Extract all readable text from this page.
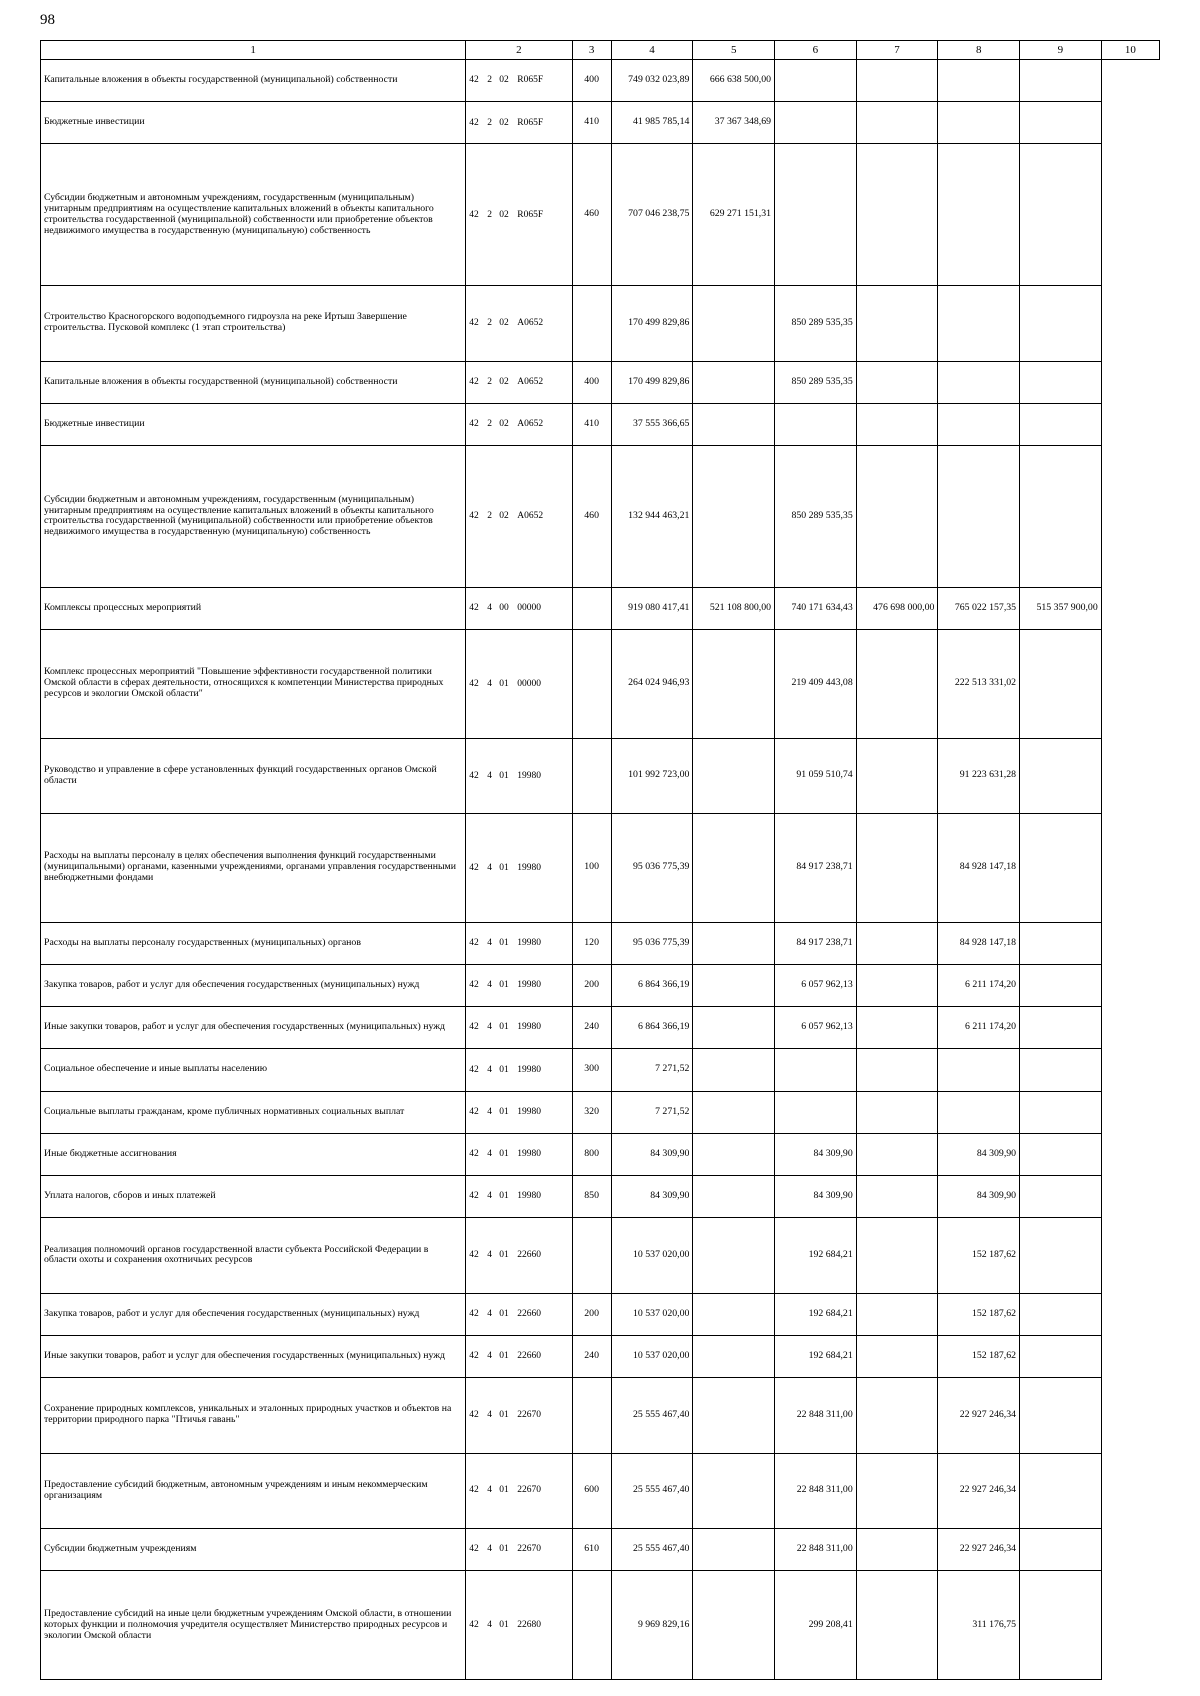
98
1	2	3	4	5	6	7	8	9	10
Капитальные вложения в объекты государственной (муниципальной) собственности	42 2 02 R065F	400	749 032 023,89	666 638 500,00					
Бюджетные инвестиции	42 2 02 R065F	410	41 985 785,14	37 367 348,69					
Субсидии бюджетным и автономным учреждениям, государственным (муниципальным) унитарным предприятиям на осуществление капитальных вложений в объекты капитального строительства государственной (муниципальной) собственности или приобретение объектов недвижимого имущества в государственную (муниципальную) собственность	42 2 02 R065F	460	707 046 238,75	629 271 151,31					
Строительство Красногорского водоподъемного гидроузла на реке Иртыш Завершение строительства. Пусковой комплекс (1 этап строительства)	42 2 02 А0652		170 499 829,86		850 289 535,35				
Капитальные вложения в объекты государственной (муниципальной) собственности	42 2 02 А0652	400	170 499 829,86		850 289 535,35				
Бюджетные инвестиции	42 2 02 А0652	410	37 555 366,65						
Субсидии бюджетным и автономным учреждениям, государственным (муниципальным) унитарным предприятиям на осуществление капитальных вложений в объекты капитального строительства государственной (муниципальной) собственности или приобретение объектов недвижимого имущества в государственную (муниципальную) собственность	42 2 02 А0652	460	132 944 463,21		850 289 535,35				
Комплексы процессных мероприятий	42 4 00 00000		919 080 417,41	521 108 800,00	740 171 634,43	476 698 000,00	765 022 157,35	515 357 900,00	
Комплекс процессных мероприятий "Повышение эффективности государственной политики Омской области в сферах деятельности, относящихся к компетенции Министерства природных ресурсов и экологии Омской области"	42 4 01 00000		264 024 946,93		219 409 443,08		222 513 331,02		
Руководство и управление в сфере установленных функций государственных органов Омской области	42 4 01 19980		101 992 723,00		91 059 510,74		91 223 631,28		
Расходы на выплаты персоналу в целях обеспечения выполнения функций государственными (муниципальными) органами, казенными учреждениями, органами управления государственными внебюджетными фондами	42 4 01 19980	100	95 036 775,39		84 917 238,71		84 928 147,18		
Расходы на выплаты персоналу государственных (муниципальных) органов	42 4 01 19980	120	95 036 775,39		84 917 238,71		84 928 147,18		
Закупка товаров, работ и услуг для обеспечения государственных (муниципальных) нужд	42 4 01 19980	200	6 864 366,19		6 057 962,13		6 211 174,20		
Иные закупки товаров, работ и услуг для обеспечения государственных (муниципальных) нужд	42 4 01 19980	240	6 864 366,19		6 057 962,13		6 211 174,20		
Социальное обеспечение и иные выплаты населению	42 4 01 19980	300	7 271,52						
Социальные выплаты гражданам, кроме публичных нормативных социальных выплат	42 4 01 19980	320	7 271,52						
Иные бюджетные ассигнования	42 4 01 19980	800	84 309,90		84 309,90		84 309,90		
Уплата налогов, сборов и иных платежей	42 4 01 19980	850	84 309,90		84 309,90		84 309,90		
Реализация полномочий органов государственной власти субъекта Российской Федерации в области охоты и сохранения охотничьих ресурсов	42 4 01 22660		10 537 020,00		192 684,21		152 187,62		
Закупка товаров, работ и услуг для обеспечения государственных (муниципальных) нужд	42 4 01 22660	200	10 537 020,00		192 684,21		152 187,62		
Иные закупки товаров, работ и услуг для обеспечения государственных (муниципальных) нужд	42 4 01 22660	240	10 537 020,00		192 684,21		152 187,62		
Сохранение природных комплексов, уникальных и эталонных природных участков и объектов на территории природного парка "Птичья гавань"	42 4 01 22670		25 555 467,40		22 848 311,00		22 927 246,34		
Предоставление субсидий бюджетным, автономным учреждениям и иным некоммерческим организациям	42 4 01 22670	600	25 555 467,40		22 848 311,00		22 927 246,34		
Субсидии бюджетным учреждениям	42 4 01 22670	610	25 555 467,40		22 848 311,00		22 927 246,34		
Предоставление субсидий на иные цели бюджетным учреждениям Омской области, в отношении которых функции и полномочия учредителя осуществляет Министерство природных ресурсов и экологии Омской области	42 4 01 22680		9 969 829,16		299 208,41		311 176,75		
